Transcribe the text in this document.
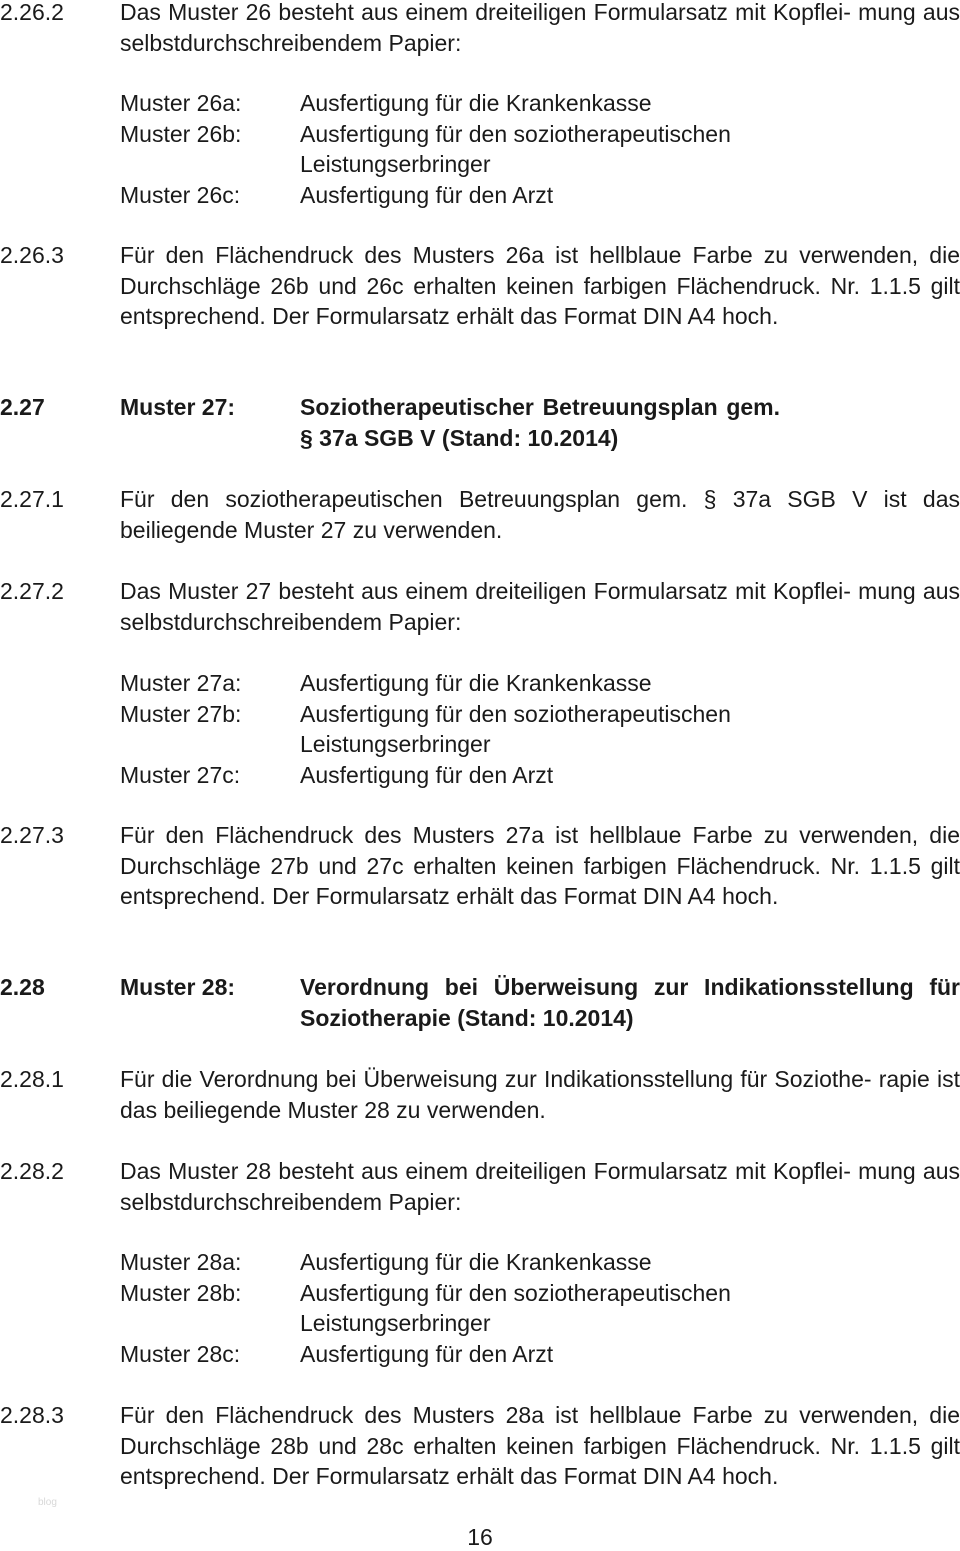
2.26.2	Das Muster 26 besteht aus einem dreiteiligen Formularsatz mit Kopflei- mung aus selbstdurchschreibendem Papier:
Muster 26a:	Ausfertigung für die Krankenkasse
Muster 26b:	Ausfertigung für den soziotherapeutischen Leistungserbringer
Muster 26c:	Ausfertigung für den Arzt
2.26.3	Für den Flächendruck des Musters 26a ist hellblaue Farbe zu verwenden, die Durchschläge 26b und 26c erhalten keinen farbigen Flächendruck. Nr. 1.1.5 gilt entsprechend. Der Formularsatz erhält das Format DIN A4 hoch.
2.27	Muster 27:	Soziotherapeutischer Betreuungsplan gem. § 37a SGB V (Stand: 10.2014)
2.27.1	Für den soziotherapeutischen Betreuungsplan gem. § 37a SGB V ist das beiliegende Muster 27 zu verwenden.
2.27.2	Das Muster 27 besteht aus einem dreiteiligen Formularsatz mit Kopflei- mung aus selbstdurchschreibendem Papier:
Muster 27a:	Ausfertigung für die Krankenkasse
Muster 27b:	Ausfertigung für den soziotherapeutischen Leistungserbringer
Muster 27c:	Ausfertigung für den Arzt
2.27.3	Für den Flächendruck des Musters 27a ist hellblaue Farbe zu verwenden, die Durchschläge 27b und 27c erhalten keinen farbigen Flächendruck. Nr. 1.1.5 gilt entsprechend. Der Formularsatz erhält das Format DIN A4 hoch.
2.28	Muster 28:	Verordnung bei Überweisung zur Indikationsstellung für Soziotherapie (Stand: 10.2014)
2.28.1	Für die Verordnung bei Überweisung zur Indikationsstellung für Soziothe- rapie ist das beiliegende Muster 28 zu verwenden.
2.28.2	Das Muster 28 besteht aus einem dreiteiligen Formularsatz mit Kopflei- mung aus selbstdurchschreibendem Papier:
Muster 28a:	Ausfertigung für die Krankenkasse
Muster 28b:	Ausfertigung für den soziotherapeutischen Leistungserbringer
Muster 28c:	Ausfertigung für den Arzt
2.28.3	Für den Flächendruck des Musters 28a ist hellblaue Farbe zu verwenden, die Durchschläge 28b und 28c erhalten keinen farbigen Flächendruck. Nr. 1.1.5 gilt entsprechend. Der Formularsatz erhält das Format DIN A4 hoch.
blog
16
